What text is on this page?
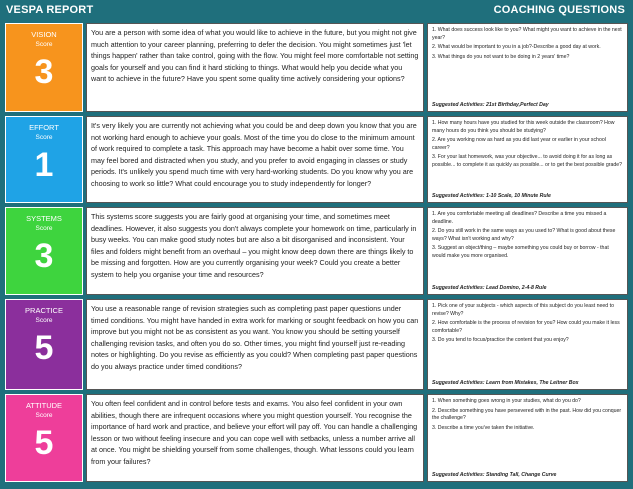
VESPA REPORT	COACHING QUESTIONS
VISION
Score
3
You are a person with some idea of what you would like to achieve in the future, but you might not give much attention to your career planning, preferring to defer the decision. You might sometimes just 'let things happen' rather than take control, going with the flow. You might feel more comfortable not setting goals for yourself and you can find it hard sticking to things. What would help you decide what you want to achieve in the future? Have you spent some quality time actively considering your options?
1. What does success look like to you? What might you want to achieve in the next year?
2. What would be important to you in a job?-Describe a good day at work.
3. What things do you not want to be doing in 2 years' time?
Suggested Activities: 21st Birthday,Perfect Day
EFFORT
Score
1
It's very likely you are currently not achieving what you could be and deep down you know that you are not working hard enough to achieve your goals. Most of the time you do close to the minimum amount of work required to complete a task. This approach may have become a habit over some time. You may feel bored and distracted when you study, and you prefer to avoid engaging in classes or study periods. It's unlikely you spend much time with very hard-working students. Do you know why you are choosing to work so little? What could encourage you to study independently for longer?
1. How many hours have you studied for this week outside the classroom? How many hours do you think you should be studying?
2. Are you working now as hard as you did last year or earlier in your school career?
3. For your last homework, was your objective... to avoid doing it for as long as possible... to complete it as quickly as possible... or to get the best possible grade?
Suggested Activities: 1-10 Scale, 10 Minute Rule
SYSTEMS
Score
3
This systems score suggests you are fairly good at organising your time, and sometimes meet deadlines. However, it also suggests you don't always complete your homework on time, particularly in busy weeks. You can make good study notes but are also a bit disorganised and inconsistent. Your files and folders might benefit from an overhaul – you might know deep down there are things likely to be missing and forgotten. How are you currently organising your week? Could you create a better system to help you organise your time and resources?
1. Are you comfortable meeting all deadlines? Describe a time you missed a deadline.
2. Do you still work in the same ways as you used to? What is good about these ways? What isn't working and why?
3. Suggest an object/thing – maybe something you could buy or borrow - that would make you more organised.
Suggested Activities: Lead Domino, 2-4-8 Rule
PRACTICE
Score
5
You use a reasonable range of revision strategies such as completing past paper questions under timed conditions. You might have handed in extra work for marking or sought feedback on how you can improve but you might not be as consistent as you want. You know you should be setting yourself challenging revision tasks, and often you do so. Other times, you might find yourself just re-reading notes or highlighting. Do you revise as efficiently as you could? When completing past paper questions do you always practice under timed conditions?
1. Pick one of your subjects - which aspects of this subject do you least need to revise? Why?
2. How comfortable is the process of revision for you? How could you make it less comfortable?
3. Do you tend to focus/practice the content that you enjoy?
Suggested Activities: Learn from Mistakes, The Leitner Box
ATTITUDE
Score
5
You often feel confident and in control before tests and exams. You also feel confident in your own abilities, though there are infrequent occasions where you might question yourself. You recognise the importance of hard work and practice, and believe your effort will pay off. You can handle a challenging lesson or two without feeling insecure and you can cope well with setbacks, unless a number arrive all at once. You might be shielding yourself from some challenges, though. What lessons could you learn from your failures?
1. When something goes wrong in your studies, what do you do?
2. Describe something you have persevered with in the past. How did you conquer the challenge?
3. Describe a time you've taken the initiative.
Suggested Activities: Standing Tall, Change Curve
